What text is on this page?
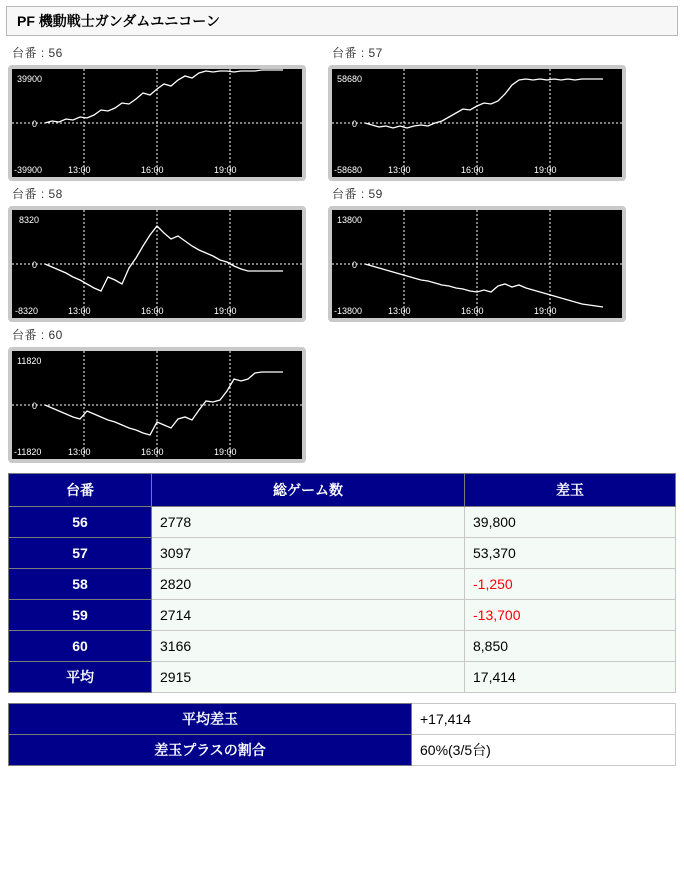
PF 機動戦士ガンダムユニコーン
台番 : 56
39900
0
-39900	13:00	16:00	19:00
台番 : 57
58680
0
-58680	13:00	16:00	19:00
台番 : 58
8320
0
-8320	13:00	16:00	19:00
台番 : 59
13800
0
-13800	13:00	16:00	19:00
台番 : 60
11820
0
-11820	13:00	16:00	19:00
台番	総ゲーム数	差玉
56	2778	39,800
57	3097	53,370
58	2820	-1,250
59	2714	-13,700
60	3166	8,850
平均	2915	17,414
平均差玉	+17,414
差玉プラスの割合	60%(3/5台)
